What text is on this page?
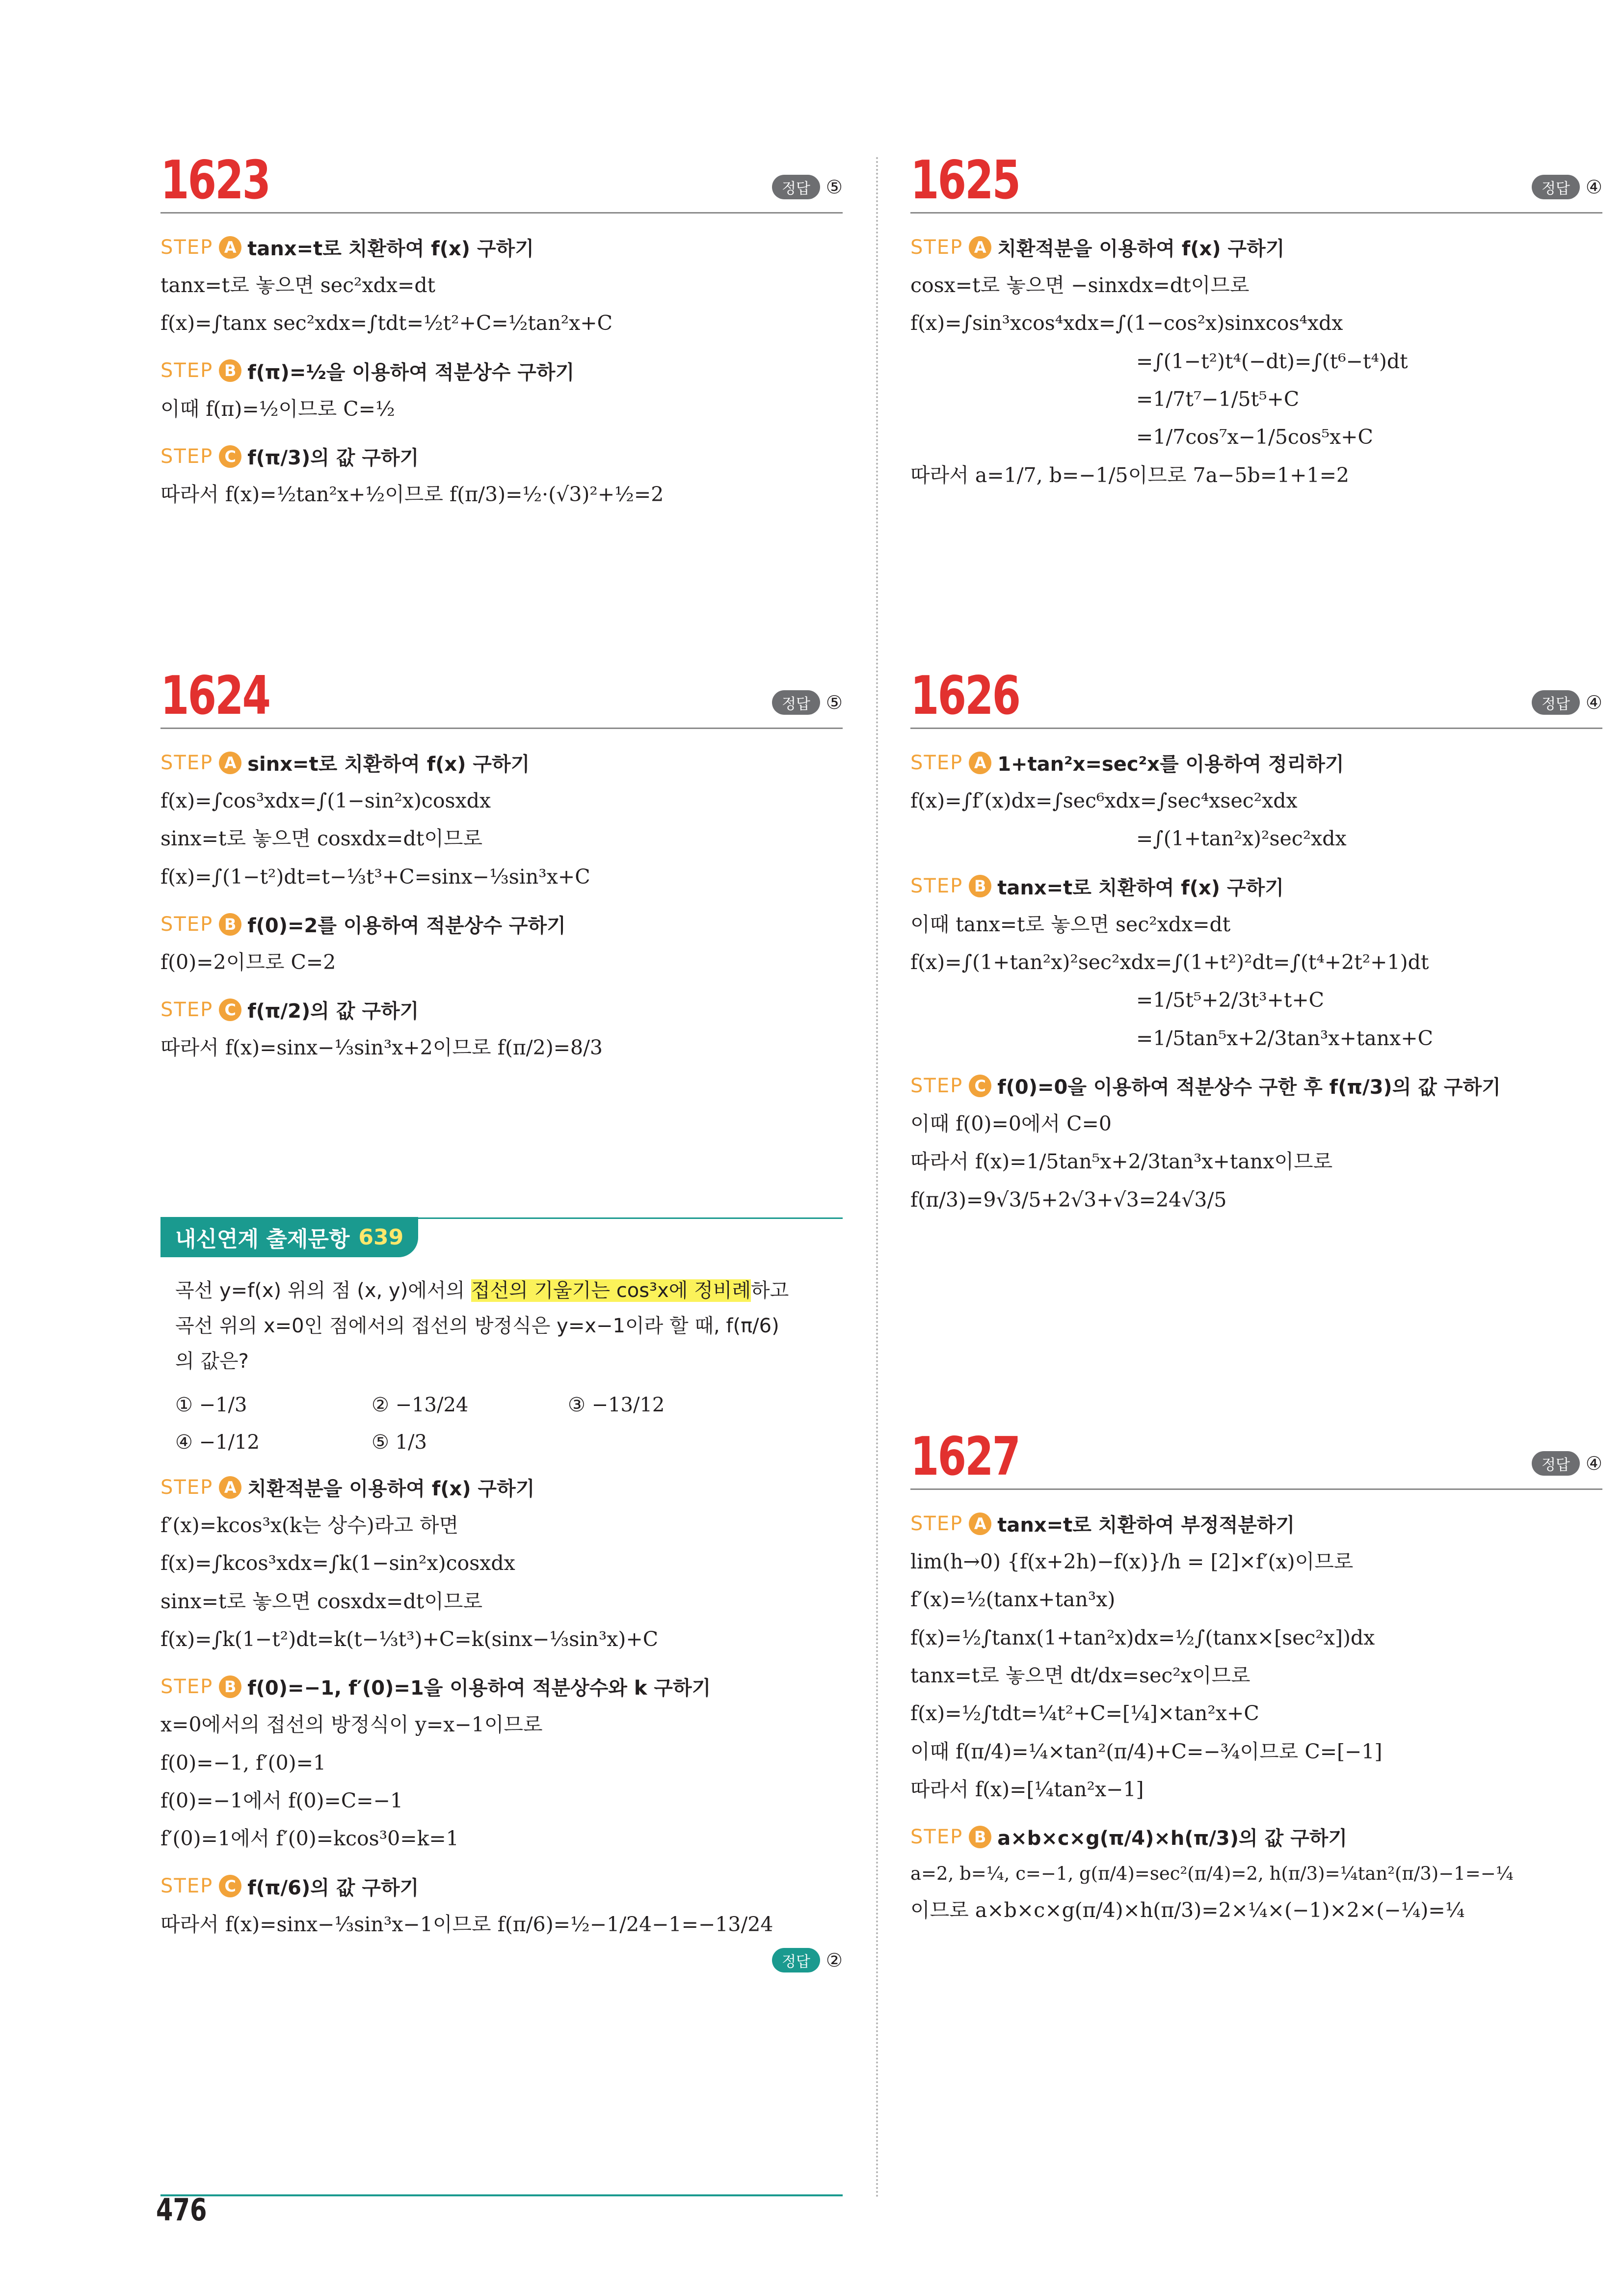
1623	정답 ⑤
STEP A tanx=t로 치환하여 f(x) 구하기
tanx=t로 놓으면 sec²xdx=dt
f(x)=∫tanx sec²xdx=∫tdt=½t²+C=½tan²x+C
STEP B f(π)=½을 이용하여 적분상수 구하기
이때 f(π)=½이므로 C=½
STEP C f(π/3)의 값 구하기
따라서 f(x)=½tan²x+½이므로 f(π/3)=½·(√3)²+½=2
1624	정답 ⑤
STEP A sinx=t로 치환하여 f(x) 구하기
f(x)=∫cos³xdx=∫(1−sin²x)cosxdx
sinx=t로 놓으면 cosxdx=dt이므로
f(x)=∫(1−t²)dt=t−⅓t³+C=sinx−⅓sin³x+C
STEP B f(0)=2를 이용하여 적분상수 구하기
f(0)=2이므로 C=2
STEP C f(π/2)의 값 구하기
따라서 f(x)=sinx−⅓sin³x+2이므로 f(π/2)=8/3
내신연계 출제문항 639
곡선 y=f(x) 위의 점 (x, y)에서의 접선의 기울기는 cos³x에 정비례하고
곡선 위의 x=0인 점에서의 접선의 방정식은 y=x−1이라 할 때, f(π/6)
의 값은?
① −1/3	② −13/24	③ −13/12
④ −1/12	⑤ 1/3
STEP A 치환적분을 이용하여 f(x) 구하기
f′(x)=kcos³x(k는 상수)라고 하면
f(x)=∫kcos³xdx=∫k(1−sin²x)cosxdx
sinx=t로 놓으면 cosxdx=dt이므로
f(x)=∫k(1−t²)dt=k(t−⅓t³)+C=k(sinx−⅓sin³x)+C
STEP B f(0)=−1, f′(0)=1을 이용하여 적분상수와 k 구하기
x=0에서의 접선의 방정식이 y=x−1이므로
f(0)=−1, f′(0)=1
f(0)=−1에서 f(0)=C=−1
f′(0)=1에서 f′(0)=kcos³0=k=1
STEP C f(π/6)의 값 구하기
따라서 f(x)=sinx−⅓sin³x−1이므로 f(π/6)=½−1/24−1=−13/24
정답 ②
1625	정답 ④
STEP A 치환적분을 이용하여 f(x) 구하기
cosx=t로 놓으면 −sinxdx=dt이므로
f(x)=∫sin³xcos⁴xdx=∫(1−cos²x)sinxcos⁴xdx
=∫(1−t²)t⁴(−dt)=∫(t⁶−t⁴)dt
=1/7t⁷−1/5t⁵+C
=1/7cos⁷x−1/5cos⁵x+C
따라서 a=1/7, b=−1/5이므로 7a−5b=1+1=2
1626	정답 ④
STEP A 1+tan²x=sec²x를 이용하여 정리하기
f(x)=∫f′(x)dx=∫sec⁶xdx=∫sec⁴xsec²xdx
=∫(1+tan²x)²sec²xdx
STEP B tanx=t로 치환하여 f(x) 구하기
이때 tanx=t로 놓으면 sec²xdx=dt
f(x)=∫(1+tan²x)²sec²xdx=∫(1+t²)²dt=∫(t⁴+2t²+1)dt
=1/5t⁵+2/3t³+t+C
=1/5tan⁵x+2/3tan³x+tanx+C
STEP C f(0)=0을 이용하여 적분상수 구한 후 f(π/3)의 값 구하기
이때 f(0)=0에서 C=0
따라서 f(x)=1/5tan⁵x+2/3tan³x+tanx이므로
f(π/3)=9√3/5+2√3+√3=24√3/5
1627	정답 ④
STEP A tanx=t로 치환하여 부정적분하기
lim(h→0) {f(x+2h)−f(x)}/h = [2]×f′(x)이므로
f′(x)=½(tanx+tan³x)
f(x)=½∫tanx(1+tan²x)dx=½∫(tanx×[sec²x])dx
tanx=t로 놓으면 dt/dx=sec²x이므로
f(x)=½∫tdt=¼t²+C=[¼]×tan²x+C
이때 f(π/4)=¼×tan²(π/4)+C=−¾이므로 C=[−1]
따라서 f(x)=[¼tan²x−1]
STEP B a×b×c×g(π/4)×h(π/3)의 값 구하기
a=2, b=¼, c=−1, g(π/4)=sec²(π/4)=2, h(π/3)=¼tan²(π/3)−1=−¼
이므로 a×b×c×g(π/4)×h(π/3)=2×¼×(−1)×2×(−¼)=¼
476
